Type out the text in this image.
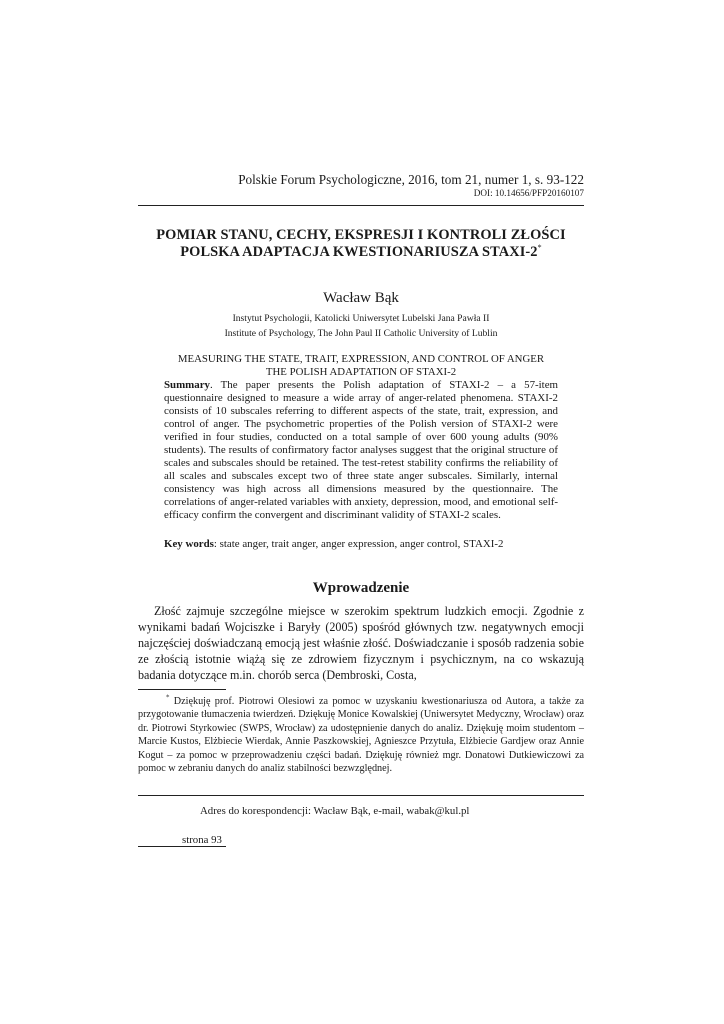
Polskie Forum Psychologiczne, 2016, tom 21, numer 1, s. 93-122
DOI: 10.14656/PFP20160107
POMIAR STANU, CECHY, EKSPRESJI I KONTROLI ZŁOŚCI
POLSKA ADAPTACJA KWESTIONARIUSZA STAXI-2*
Wacław Bąk
Instytut Psychologii, Katolicki Uniwersytet Lubelski Jana Pawła II
Institute of Psychology, The John Paul II Catholic University of Lublin
MEASURING THE STATE, TRAIT, EXPRESSION, AND CONTROL OF ANGER
THE POLISH ADAPTATION OF STAXI-2
Summary. The paper presents the Polish adaptation of STAXI-2 – a 57-item questionnaire designed to measure a wide array of anger-related phenomena. STAXI-2 consists of 10 subscales referring to different aspects of the state, trait, expression, and control of anger. The psychometric properties of the Polish version of STAXI-2 were verified in four studies, conducted on a total sample of over 600 young adults (90% students). The results of confirmatory factor analyses suggest that the original structure of scales and subscales should be retained. The test-retest stability confirms the reliability of all scales and subscales except two of three state anger subscales. Similarly, internal consistency was high across all dimensions measured by the questionnaire. The correlations of anger-related variables with anxiety, depression, mood, and emotional self-efficacy confirm the convergent and discriminant validity of STAXI-2 scales.
Key words: state anger, trait anger, anger expression, anger control, STAXI-2
Wprowadzenie
Złość zajmuje szczególne miejsce w szerokim spektrum ludzkich emocji. Zgodnie z wynikami badań Wojciszke i Baryły (2005) spośród głównych tzw. negatywnych emocji najczęściej doświadczaną emocją jest właśnie złość. Doświadczanie i sposób radzenia sobie ze złością istotnie wiążą się ze zdrowiem fizycznym i psychicznym, na co wskazują badania dotyczące m.in. chorób serca (Dembroski, Costa,
* Dziękuję prof. Piotrowi Olesiowi za pomoc w uzyskaniu kwestionariusza od Autora, a także za przygotowanie tłumaczenia twierdzeń. Dziękuję Monice Kowalskiej (Uniwersytet Medyczny, Wrocław) oraz dr. Piotrowi Styrkowiec (SWPS, Wrocław) za udostępnienie danych do analiz. Dziękuję moim studentom – Marcie Kustos, Elżbiecie Wierdak, Annie Paszkowskiej, Agnieszce Przytuła, Elżbiecie Gardjew oraz Annie Kogut – za pomoc w przeprowadzeniu części badań. Dziękuję również mgr. Donatowi Dutkiewiczowi za pomoc w zebraniu danych do analiz stabilności bezwzględnej.
Adres do korespondencji: Wacław Bąk, e-mail, wabak@kul.pl
strona 93
